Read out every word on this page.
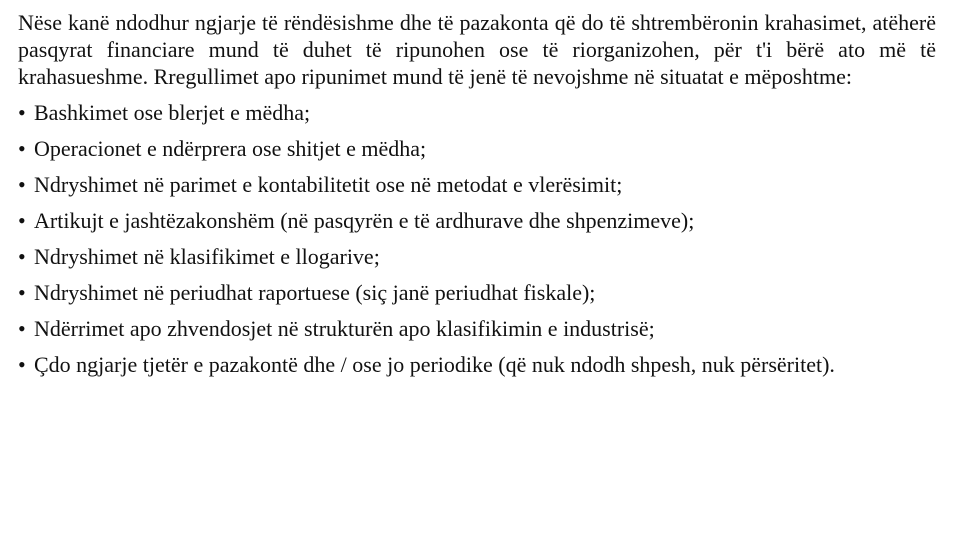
Nëse kanë ndodhur ngjarje të rëndësishme dhe të pazakonta që do të shtrembëronin krahasimet, atëherë pasqyrat financiare mund të duhet të ripunohen ose të riorganizohen, për t'i bërë ato më të krahasueshme. Rregullimet apo ripunimet mund të jenë të nevojshme në situatat e mëposhtme:

• Bashkimet ose blerjet e mëdha;
• Operacionet e ndërprera ose shitjet e mëdha;
• Ndryshimet në parimet e kontabilitetit ose në metodat e vlerësimit;
• Artikujt e jashtëzakonshëm (në pasqyrën e të ardhurave dhe shpenzimeve);
• Ndryshimet në klasifikimet e llogarive;
• Ndryshimet në periudhat raportuese (siç janë periudhat fiskale);
• Ndërrimet apo zhvendosjet në strukturën apo klasifikimin e industrisë;
• Çdo ngjarje tjetër e pazakontë dhe / ose jo periodike (që nuk ndodh shpesh, nuk përsëritet).
